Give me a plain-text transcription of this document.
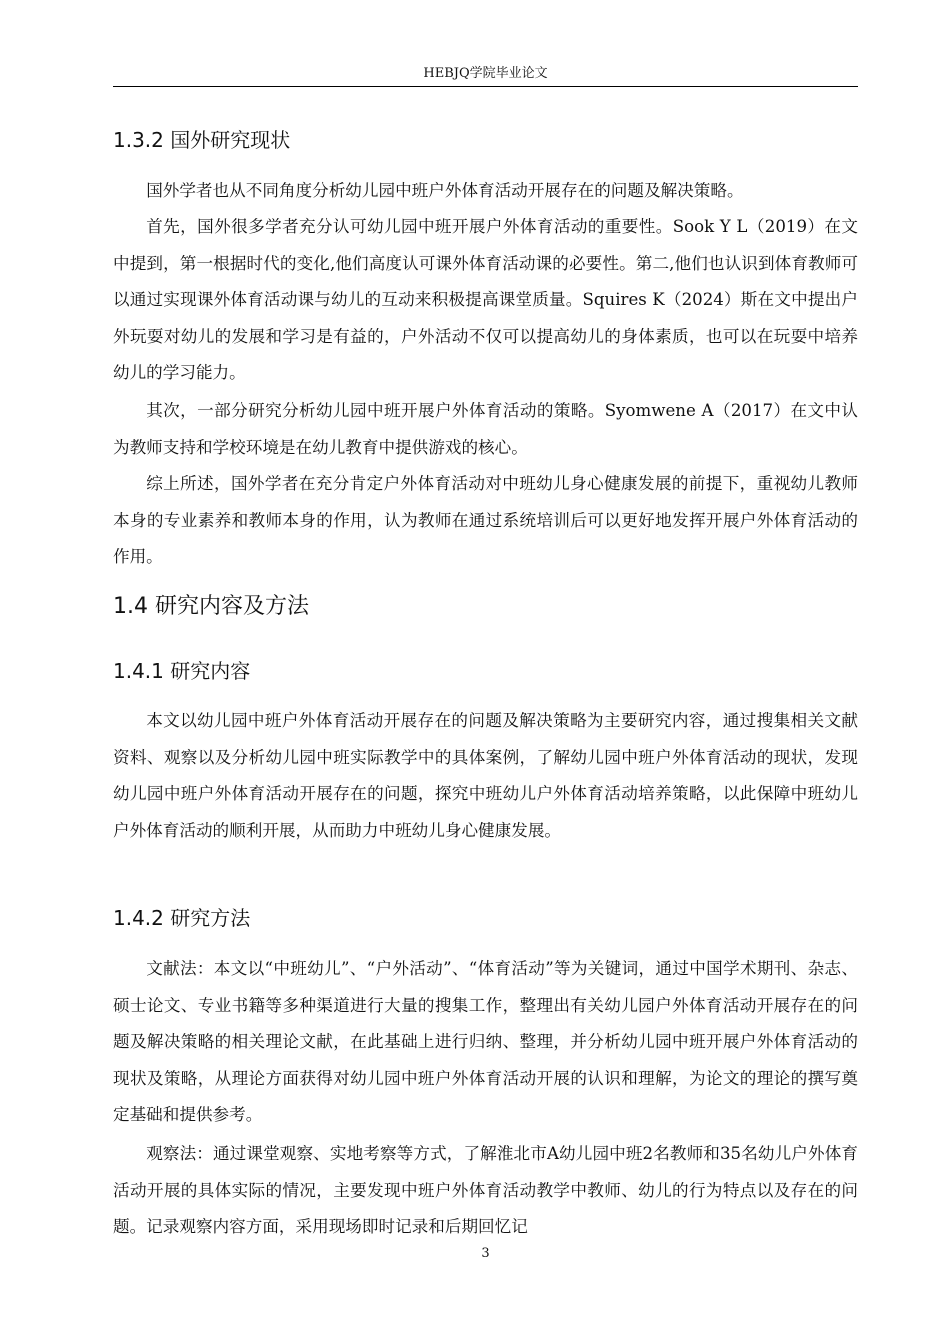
HEBJQ学院毕业论文
1.3.2 国外研究现状

国外学者也从不同角度分析幼儿园中班户外体育活动开展存在的问题及解决策略。

首先，国外很多学者充分认可幼儿园中班开展户外体育活动的重要性。Sook Y L（2019）在文中提到，第一根据时代的变化,他们高度认可课外体育活动课的必要性。第二,他们也认识到体育教师可以通过实现课外体育活动课与幼儿的互动来积极提高课堂质量。Squires K（2024）斯在文中提出户外玩耍对幼儿的发展和学习是有益的，户外活动不仅可以提高幼儿的身体素质，也可以在玩耍中培养幼儿的学习能力。

其次，一部分研究分析幼儿园中班开展户外体育活动的策略。Syomwene A（2017）在文中认为教师支持和学校环境是在幼儿教育中提供游戏的核心。

综上所述，国外学者在充分肯定户外体育活动对中班幼儿身心健康发展的前提下，重视幼儿教师本身的专业素养和教师本身的作用，认为教师在通过系统培训后可以更好地发挥开展户外体育活动的作用。

1.4 研究内容及方法
1.4.1 研究内容

本文以幼儿园中班户外体育活动开展存在的问题及解决策略为主要研究内容，通过搜集相关文献资料、观察以及分析幼儿园中班实际教学中的具体案例，了解幼儿园中班户外体育活动的现状，发现幼儿园中班户外体育活动开展存在的问题，探究中班幼儿户外体育活动培养策略，以此保障中班幼儿户外体育活动的顺利开展，从而助力中班幼儿身心健康发展。

1.4.2 研究方法

文献法：本文以“中班幼儿”、“户外活动”、“体育活动”等为关键词，通过中国学术期刊、杂志、硕士论文、专业书籍等多种渠道进行大量的搜集工作，整理出有关幼儿园户外体育活动开展存在的问题及解决策略的相关理论文献，在此基础上进行归纳、整理，并分析幼儿园中班开展户外体育活动的现状及策略，从理论方面获得对幼儿园中班户外体育活动开展的认识和理解，为论文的理论的撰写奠定基础和提供参考。

观察法：通过课堂观察、实地考察等方式，了解淮北市A幼儿园中班2名教师和35名幼儿户外体育活动开展的具体实际的情况，主要发现中班户外体育活动教学中教师、幼儿的行为特点以及存在的问题。记录观察内容方面，采用现场即时记录和后期回忆记

3
